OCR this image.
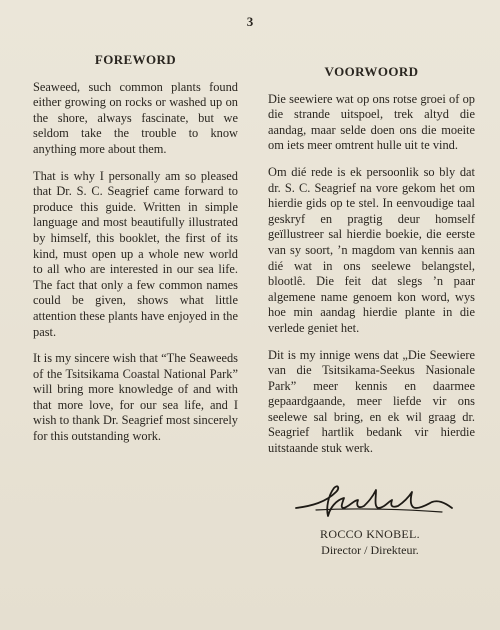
3
FOREWORD

Seaweed, such common plants found either growing on rocks or washed up on the shore, always fascinate, but we seldom take the trouble to know anything more about them.

That is why I personally am so pleased that Dr. S. C. Seagrief came forward to produce this guide. Written in simple language and most beautifully illustrated by himself, this booklet, the first of its kind, must open up a whole new world to all who are interested in our sea life. The fact that only a few common names could be given, shows what little attention these plants have enjoyed in the past.

It is my sincere wish that “The Seaweeds of the Tsitsikama Coastal National Park” will bring more knowledge of and with that more love, for our sea life, and I wish to thank Dr. Seagrief most sincerely for this outstanding work.

VOORWOORD

Die seewiere wat op ons rotse groei of op die strande uitspoel, trek altyd die aandag, maar selde doen ons die moeite om iets meer omtrent hulle uit te vind.

Om dié rede is ek persoonlik so bly dat dr. S. C. Seagrief na vore gekom het om hierdie gids op te stel. In eenvoudige taal geskryf en pragtig deur homself geïllustreer sal hierdie boekie, die eerste van sy soort, ’n magdom van kennis aan dié wat in ons seelewe belangstel, blootlê. Die feit dat slegs ’n paar algemene name genoem kon word, wys hoe min aandag hierdie plante in die verlede geniet het.

Dit is my innige wens dat „Die Seewiere van die Tsitsikama-Seekus Nasionale Park” meer kennis en daarmee gepaardgaande, meer liefde vir ons seelewe sal bring, en ek wil graag dr. Seagrief hartlik bedank vir hierdie uitstaande stuk werk.

ROCCO KNOBEL.
Director / Direkteur.
